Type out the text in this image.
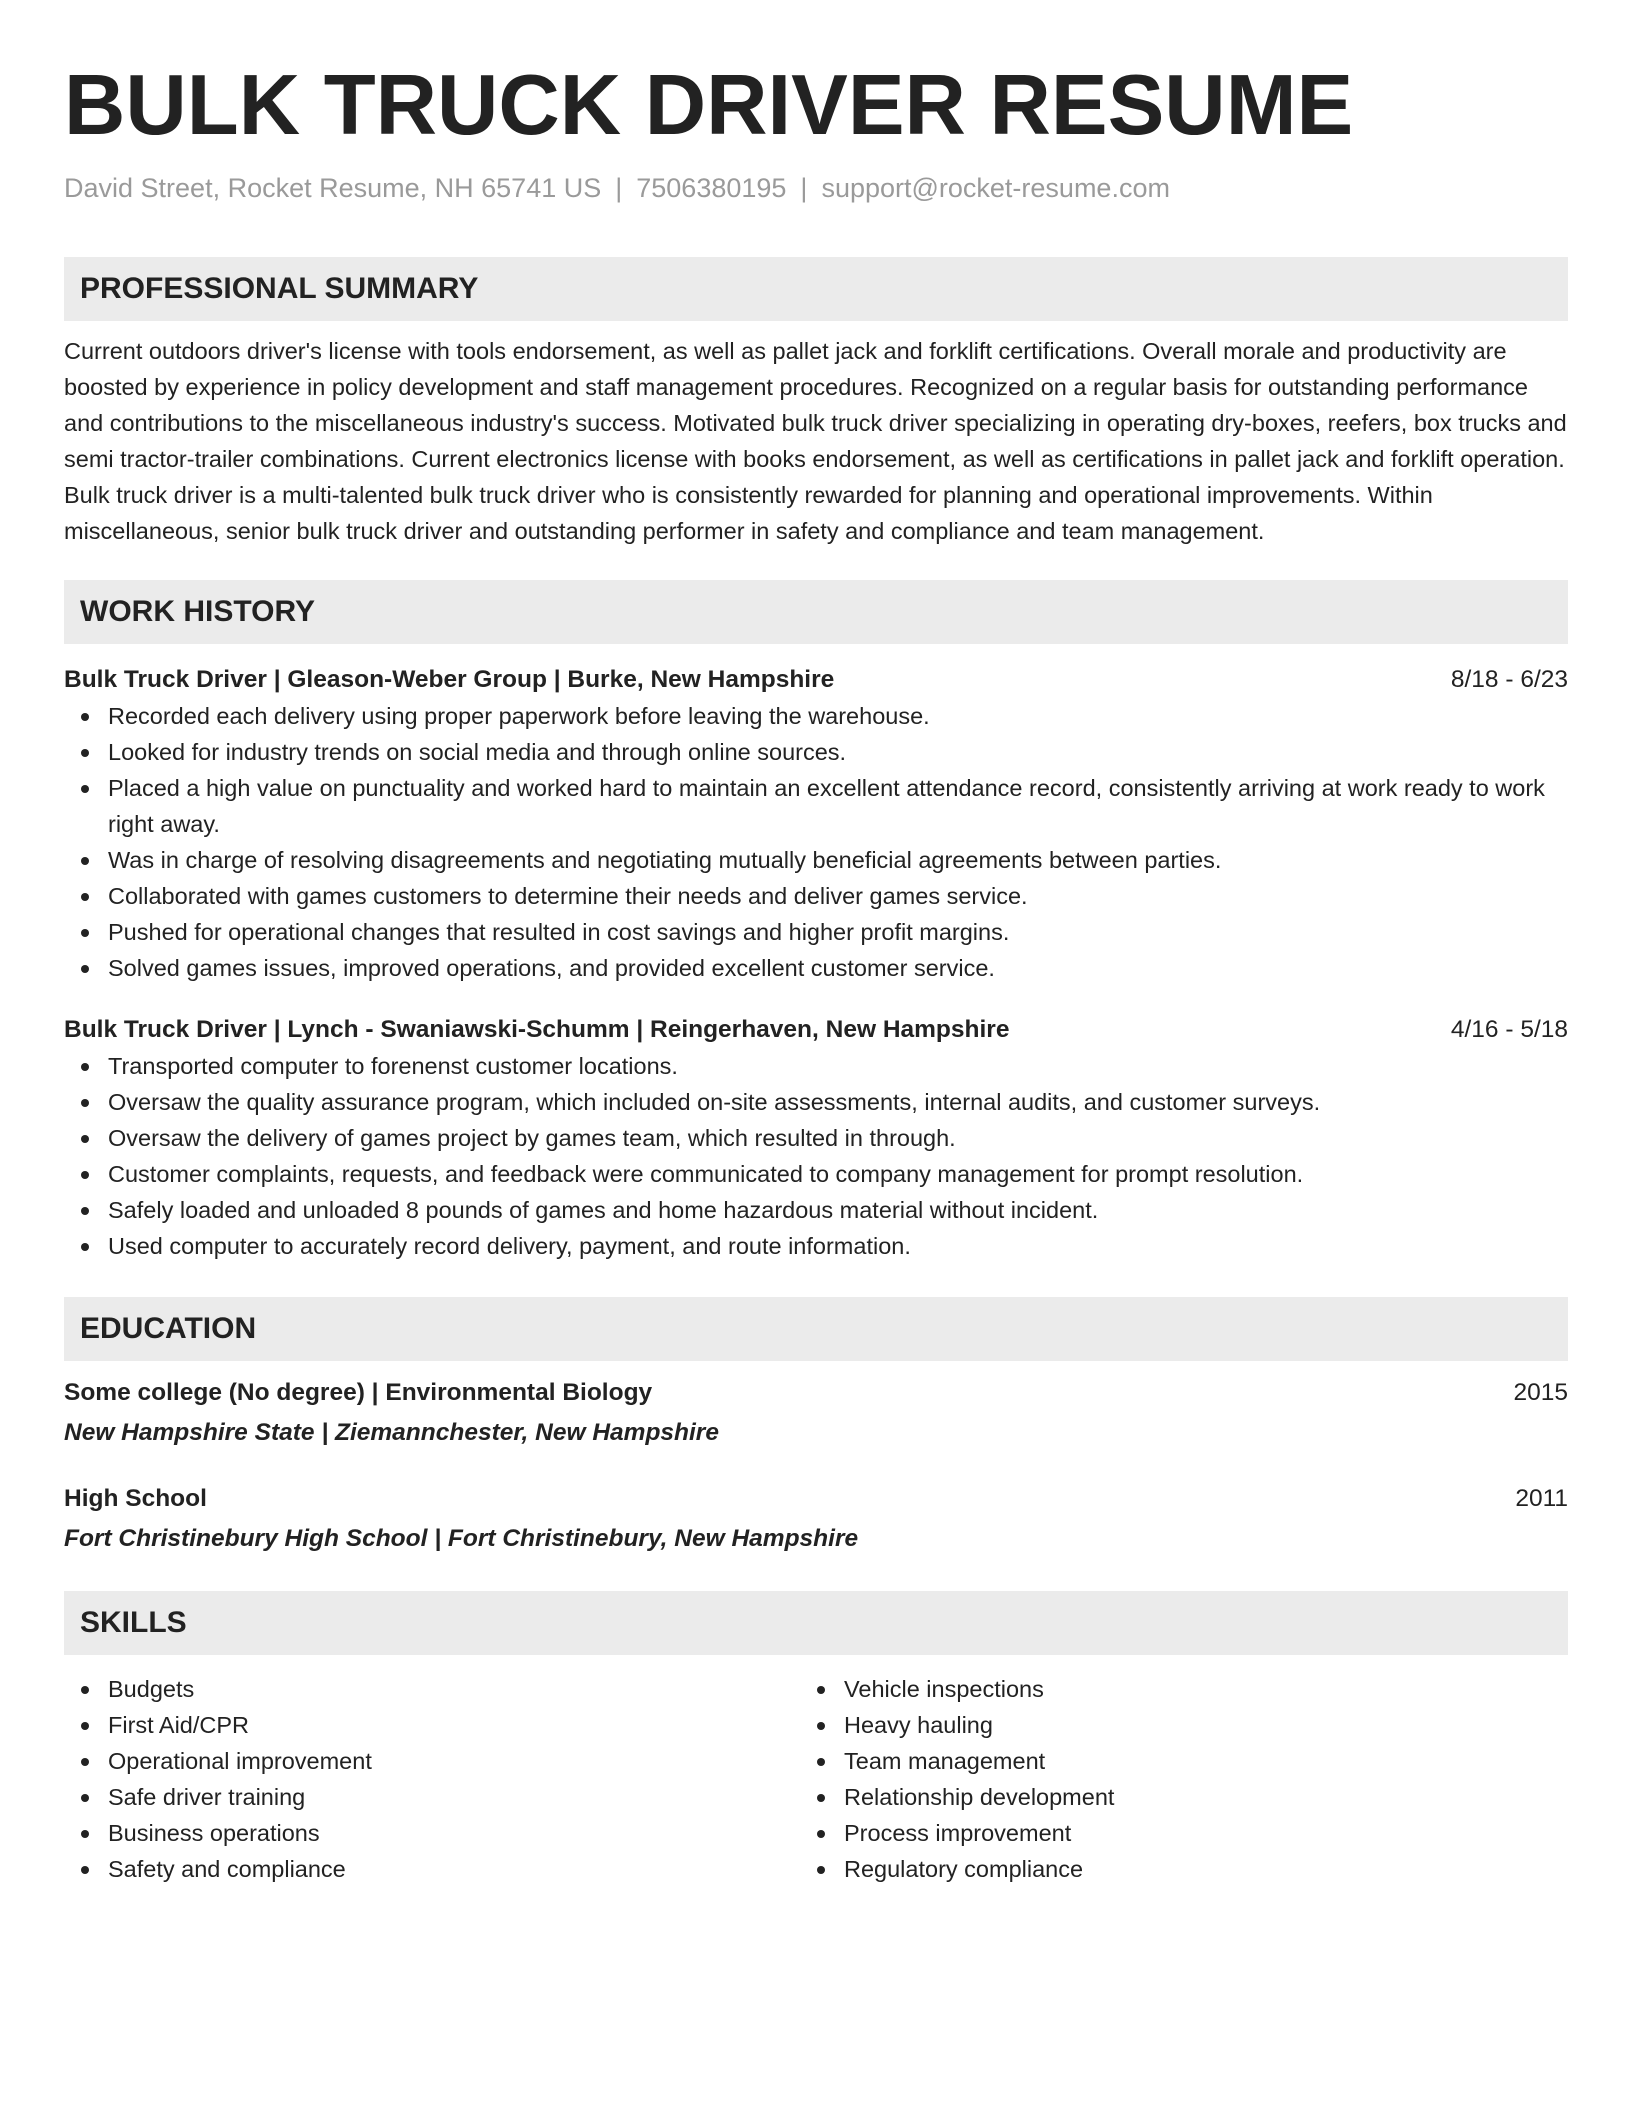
BULK TRUCK DRIVER RESUME
David Street, Rocket Resume, NH 65741 US | 7506380195 | support@rocket-resume.com
PROFESSIONAL SUMMARY
Current outdoors driver's license with tools endorsement, as well as pallet jack and forklift certifications. Overall morale and productivity are boosted by experience in policy development and staff management procedures. Recognized on a regular basis for outstanding performance and contributions to the miscellaneous industry's success. Motivated bulk truck driver specializing in operating dry-boxes, reefers, box trucks and semi tractor-trailer combinations. Current electronics license with books endorsement, as well as certifications in pallet jack and forklift operation. Bulk truck driver is a multi-talented bulk truck driver who is consistently rewarded for planning and operational improvements. Within miscellaneous, senior bulk truck driver and outstanding performer in safety and compliance and team management.
WORK HISTORY
Bulk Truck Driver | Gleason-Weber Group | Burke, New Hampshire	8/18 - 6/23
Recorded each delivery using proper paperwork before leaving the warehouse.
Looked for industry trends on social media and through online sources.
Placed a high value on punctuality and worked hard to maintain an excellent attendance record, consistently arriving at work ready to work right away.
Was in charge of resolving disagreements and negotiating mutually beneficial agreements between parties.
Collaborated with games customers to determine their needs and deliver games service.
Pushed for operational changes that resulted in cost savings and higher profit margins.
Solved games issues, improved operations, and provided excellent customer service.
Bulk Truck Driver | Lynch - Swaniawski-Schumm | Reingerhaven, New Hampshire	4/16 - 5/18
Transported computer to forenenst customer locations.
Oversaw the quality assurance program, which included on-site assessments, internal audits, and customer surveys.
Oversaw the delivery of games project by games team, which resulted in through.
Customer complaints, requests, and feedback were communicated to company management for prompt resolution.
Safely loaded and unloaded 8 pounds of games and home hazardous material without incident.
Used computer to accurately record delivery, payment, and route information.
EDUCATION
Some college (No degree) | Environmental Biology	2015
New Hampshire State | Ziemannchester, New Hampshire
High School	2011
Fort Christinebury High School | Fort Christinebury, New Hampshire
SKILLS
Budgets
First Aid/CPR
Operational improvement
Safe driver training
Business operations
Safety and compliance
Vehicle inspections
Heavy hauling
Team management
Relationship development
Process improvement
Regulatory compliance
